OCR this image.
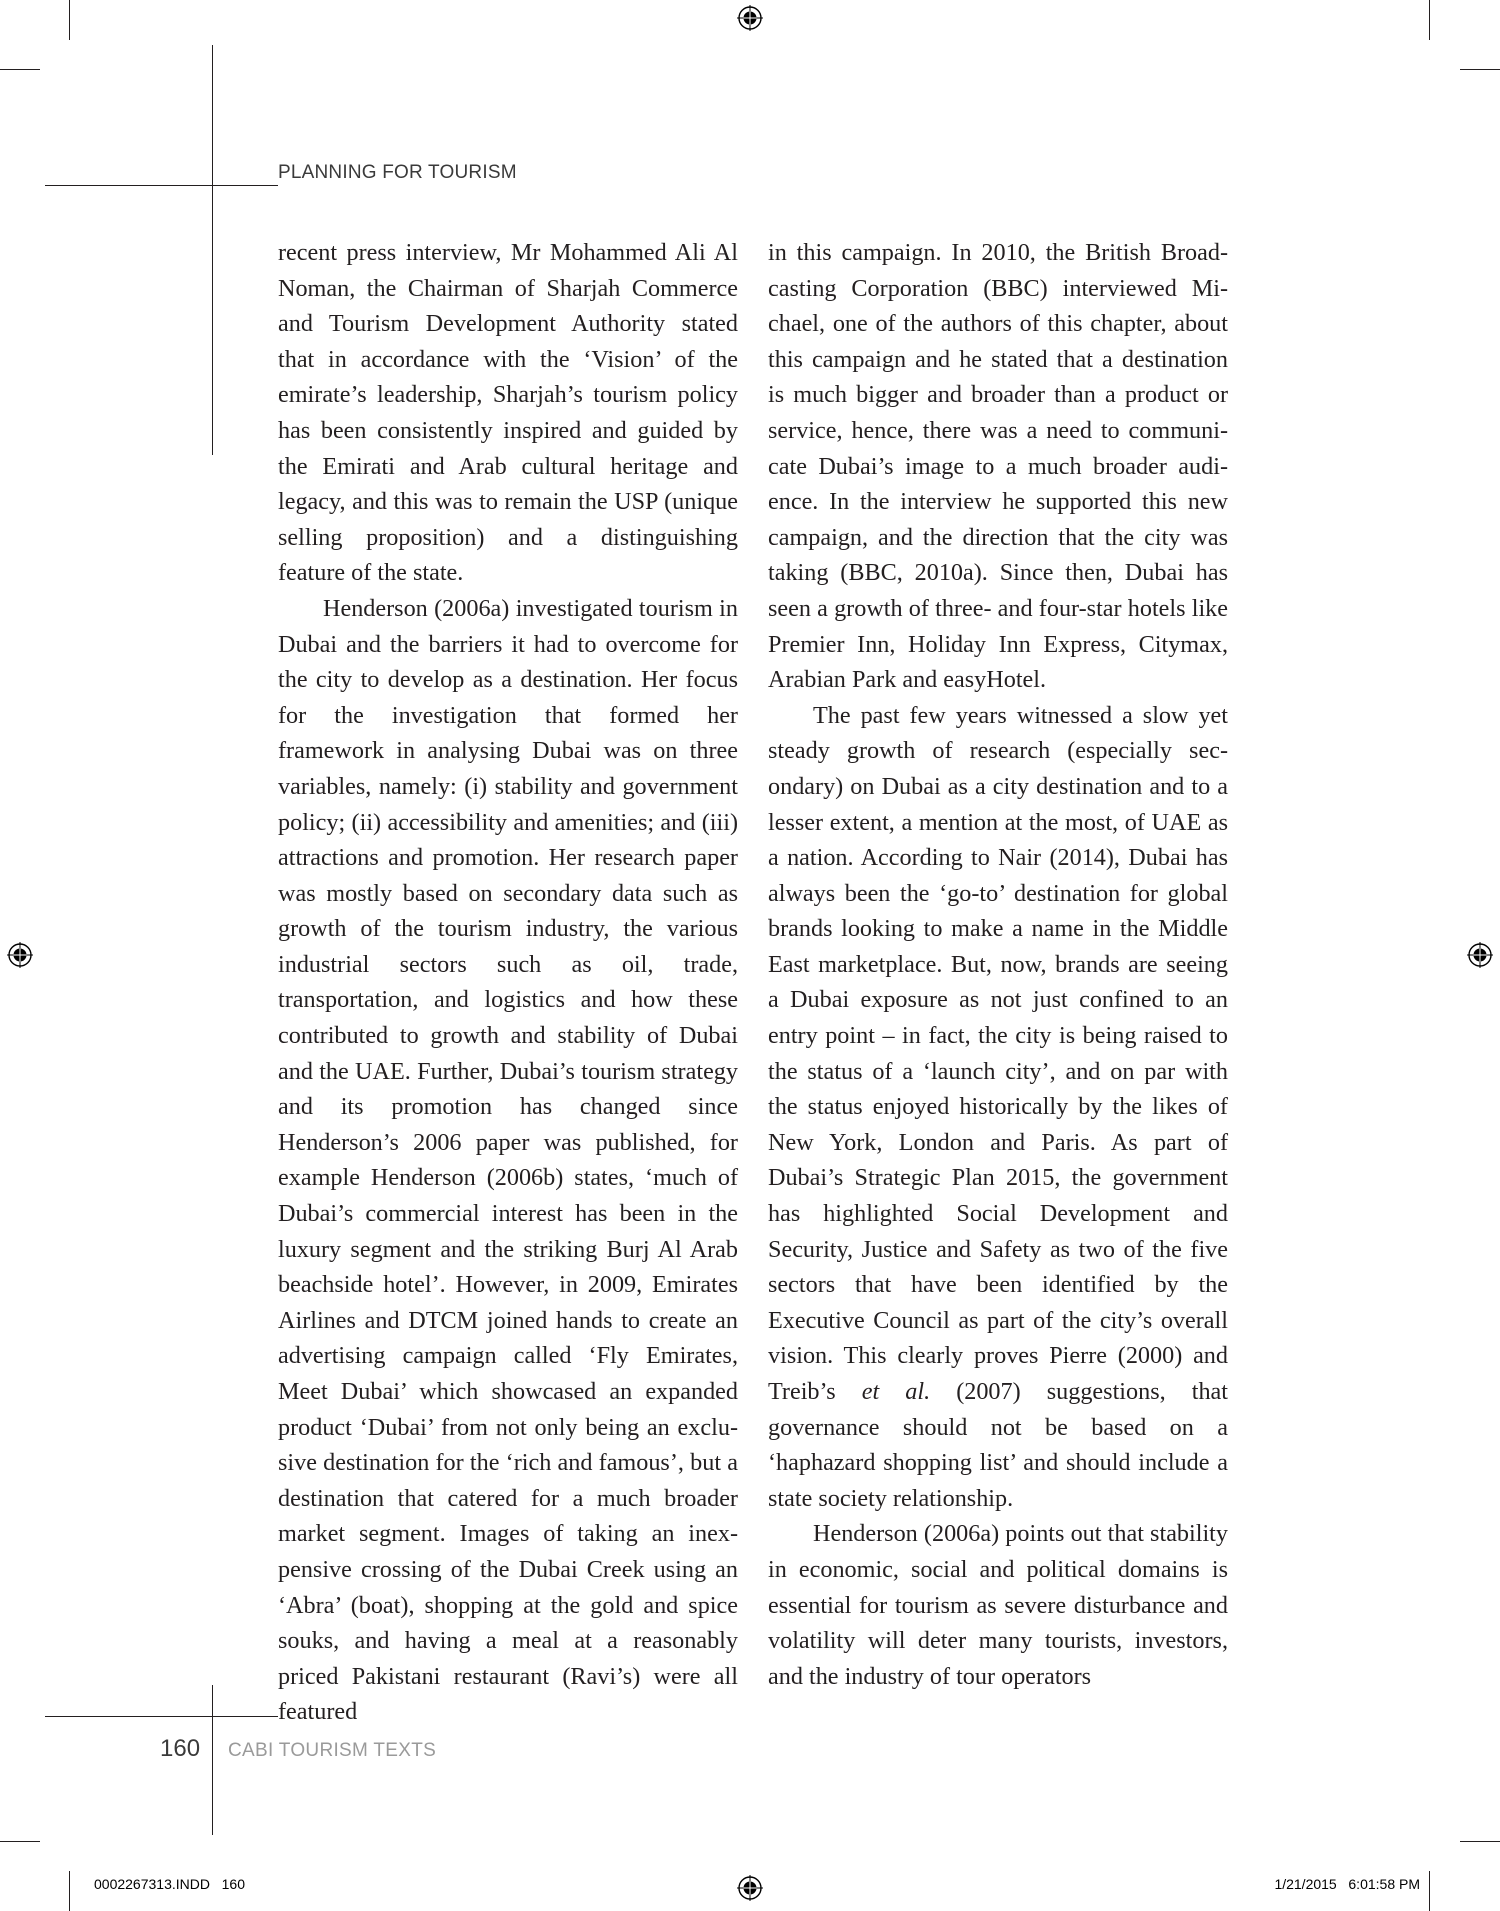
PLANNING FOR TOURISM

recent press interview, Mr Mohammed Ali Al Noman, the Chairman of Sharjah Commerce and Tourism Development Authority stated that in accordance with the ‘Vision’ of the emirate’s leadership, Sharjah’s tourism policy has been consistently inspired and guided by the Emirati and Arab cultural heritage and legacy, and this was to remain the USP (unique selling proposition) and a distinguishing feature of the state.

Henderson (2006a) investigated tourism in Dubai and the barriers it had to overcome for the city to develop as a destination. Her focus for the investigation that formed her framework in analysing Dubai was on three variables, namely: (i) stability and government policy; (ii) accessibility and amenities; and (iii) attractions and promotion. Her research paper was mostly based on secondary data such as growth of the tourism industry, the various industrial sectors such as oil, trade, transportation, and logistics and how these contributed to growth and stability of Dubai and the UAE. Further, Dubai’s tourism strategy and its promotion has changed since Henderson’s 2006 paper was published, for example Henderson (2006b) states, ‘much of Dubai’s commercial interest has been in the luxury segment and the striking Burj Al Arab beachside hotel’. However, in 2009, Emirates Airlines and DTCM joined hands to create an advertising campaign called ‘Fly Emirates, Meet Dubai’ which showcased an expanded product ‘Dubai’ from not only being an exclusive destination for the ‘rich and famous’, but a destination that catered for a much broader market segment. Images of taking an inexpensive crossing of the Dubai Creek using an ‘Abra’ (boat), shopping at the gold and spice souks, and having a meal at a reasonably priced Pakistani restaurant (Ravi’s) were all featured

in this campaign. In 2010, the British Broadcasting Corporation (BBC) interviewed Michael, one of the authors of this chapter, about this campaign and he stated that a destination is much bigger and broader than a product or service, hence, there was a need to communicate Dubai’s image to a much broader audience. In the interview he supported this new campaign, and the direction that the city was taking (BBC, 2010a). Since then, Dubai has seen a growth of three- and four-star hotels like Premier Inn, Holiday Inn Express, Citymax, Arabian Park and easyHotel.

The past few years witnessed a slow yet steady growth of research (especially secondary) on Dubai as a city destination and to a lesser extent, a mention at the most, of UAE as a nation. According to Nair (2014), Dubai has always been the ‘go-to’ destination for global brands looking to make a name in the Middle East marketplace. But, now, brands are seeing a Dubai exposure as not just confined to an entry point – in fact, the city is being raised to the status of a ‘launch city’, and on par with the status enjoyed historically by the likes of New York, London and Paris. As part of Dubai’s Strategic Plan 2015, the government has highlighted Social Development and Security, Justice and Safety as two of the five sectors that have been identified by the Executive Council as part of the city’s overall vision. This clearly proves Pierre (2000) and Treib’s et al. (2007) suggestions, that governance should not be based on a ‘haphazard shopping list’ and should include a state society relationship.

Henderson (2006a) points out that stability in economic, social and political domains is essential for tourism as severe disturbance and volatility will deter many tourists, investors, and the industry of tour operators

160 CABI TOURISM TEXTS
0002267313.INDD   160	1/21/2015   6:01:58 PM
